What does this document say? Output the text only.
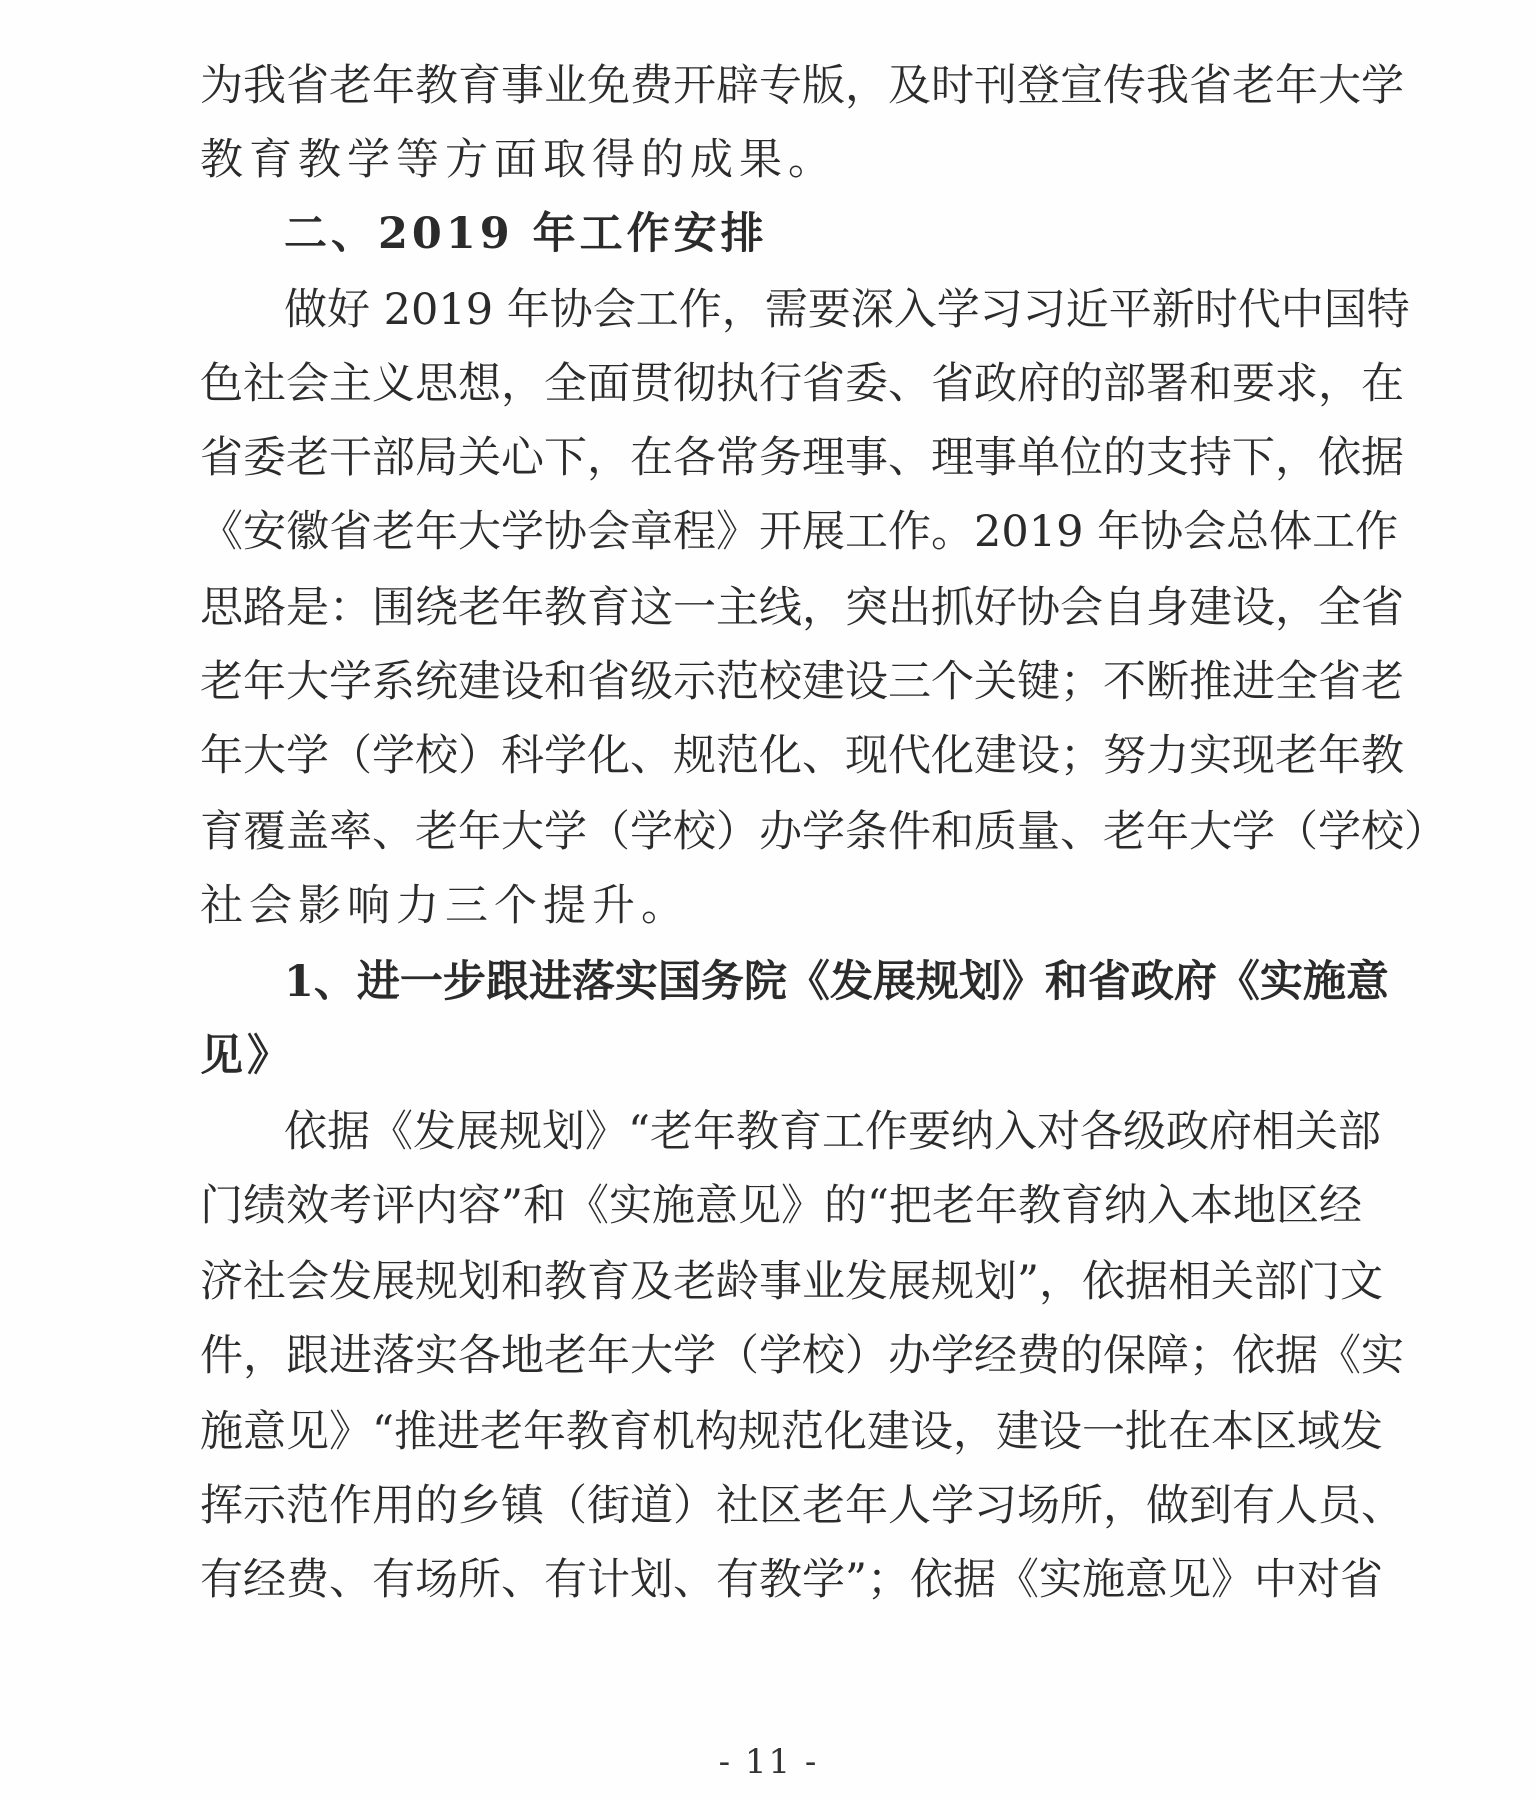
为我省老年教育事业免费开辟专版，及时刊登宣传我省老年大学
教育教学等方面取得的成果。
二、2019 年工作安排
做好 2019 年协会工作，需要深入学习习近平新时代中国特
色社会主义思想，全面贯彻执行省委、省政府的部署和要求，在
省委老干部局关心下，在各常务理事、理事单位的支持下，依据
《安徽省老年大学协会章程》开展工作。2019 年协会总体工作
思路是：围绕老年教育这一主线，突出抓好协会自身建设，全省
老年大学系统建设和省级示范校建设三个关键；不断推进全省老
年大学（学校）科学化、规范化、现代化建设；努力实现老年教
育覆盖率、老年大学（学校）办学条件和质量、老年大学（学校）
社会影响力三个提升。
1、进一步跟进落实国务院《发展规划》和省政府《实施意
见》
依据《发展规划》“老年教育工作要纳入对各级政府相关部
门绩效考评内容”和《实施意见》的“把老年教育纳入本地区经
济社会发展规划和教育及老龄事业发展规划”，依据相关部门文
件，跟进落实各地老年大学（学校）办学经费的保障；依据《实
施意见》“推进老年教育机构规范化建设，建设一批在本区域发
挥示范作用的乡镇（街道）社区老年人学习场所，做到有人员、
有经费、有场所、有计划、有教学”；依据《实施意见》中对省
- 11 -
